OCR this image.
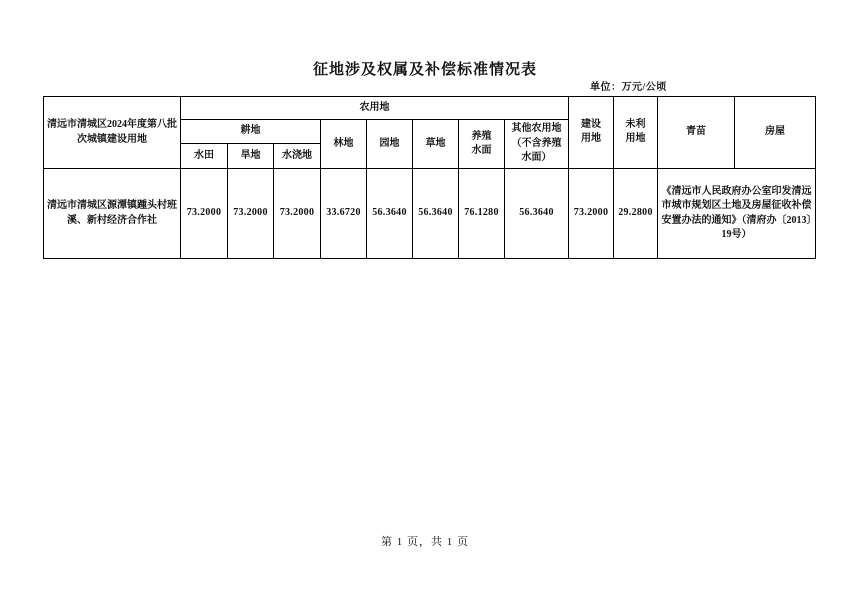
征地涉及权属及补偿标准情况表
单位：万元/公顷
清远市清城区2024年度第八批次城镇建设用地	农用地								建设用地	未利用地	青苗	房屋
	耕地			林地	园地	草地	养殖水面	其他农用地（不含养殖水面）				
	水田	旱地	水浇地									
清远市清城区源潭镇踵头村班溪、新村经济合作社	73.2000	73.2000	73.2000	33.6720	56.3640	56.3640	76.1280	56.3640	73.2000	29.2800	《清远市人民政府办公室印发清远市城市规划区土地及房屋征收补偿安置办法的通知》（清府办〔2013〕19号）	
第 1 页，共 1 页
